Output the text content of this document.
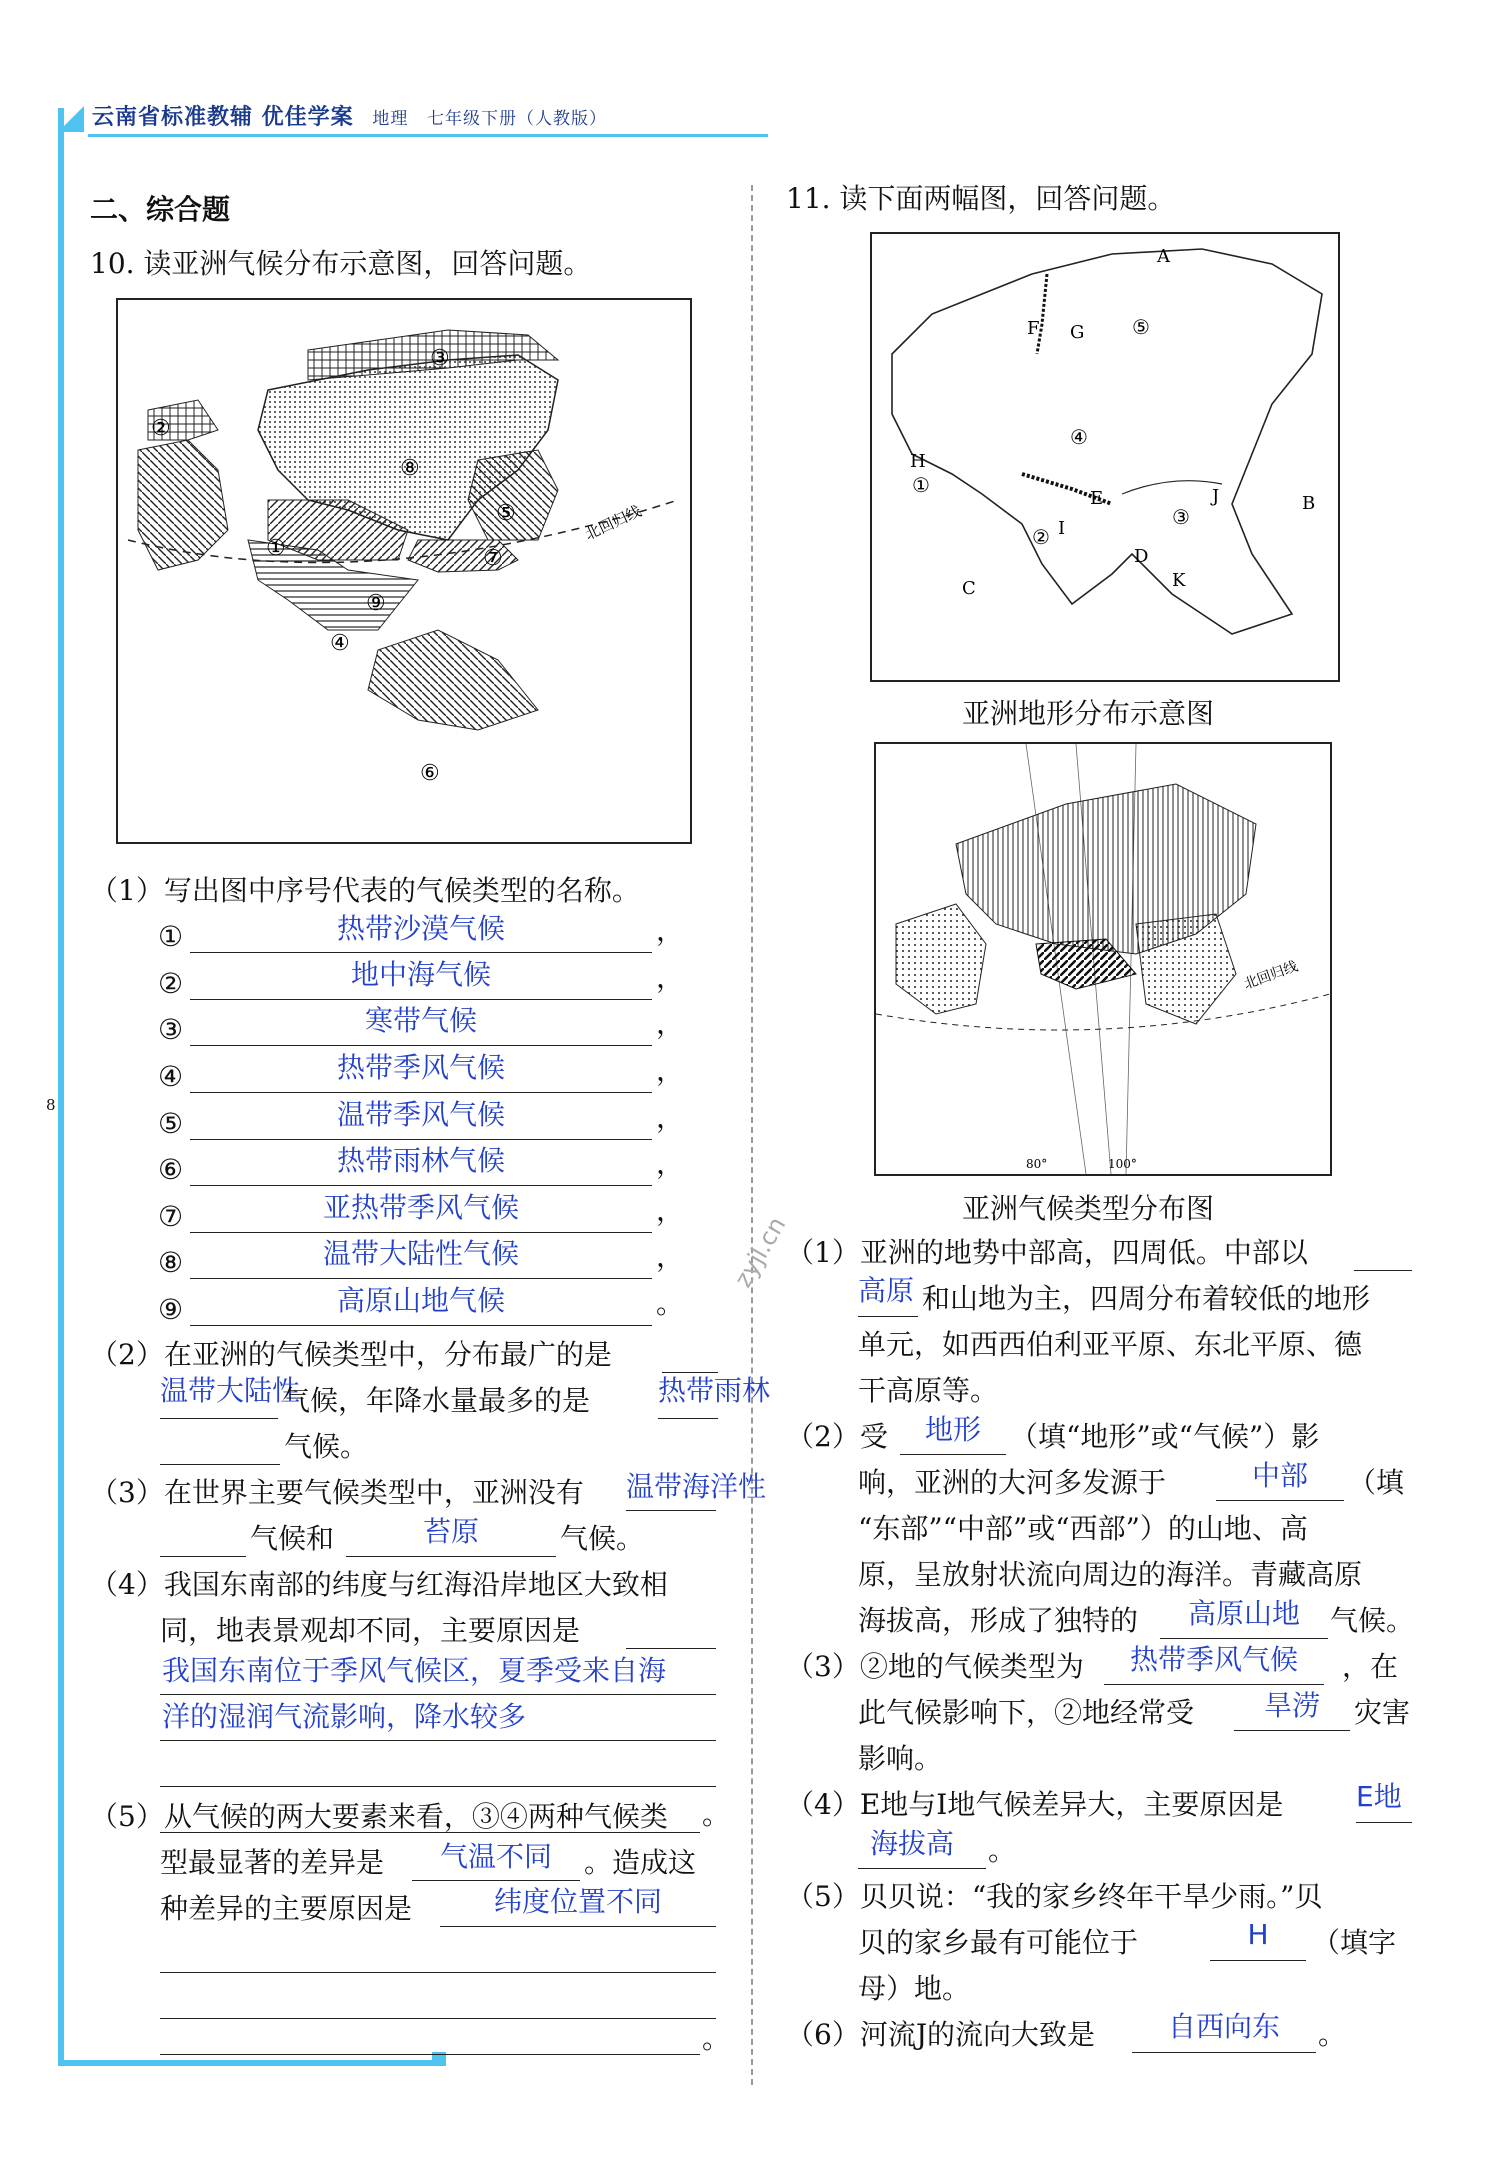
云南省标准教辅 优佳学案 地理 七年级下册（人教版）
8
二、综合题
10. 读亚洲气候分布示意图，回答问题。
①
②
③
④
⑤
⑥
⑦
⑧
⑨
北回归线
（1）写出图中序号代表的气候类型的名称。
①	热带沙漠气候	，
②	地中海气候	，
③	寒带气候	，
④	热带季风气候	，
⑤	温带季风气候	，
⑥	热带雨林气候	，
⑦	亚热带季风气候	，
⑧	温带大陆性气候	，
⑨	高原山地气候	。
（2）在亚洲的气候类型中，分布最广的是
温带大陆性
气候，年降水量最多的是 热带雨林
气候。
（3）在世界主要气候类型中，亚洲没有 温带海洋性
气候和	苔原	气候。
（4）我国东南部的纬度与红海沿岸地区大致相
同，地表景观却不同，主要原因是
我国东南位于季风气候区，夏季受来自海
洋的湿润气流影响，降水较多
。
（5）从气候的两大要素来看，③④两种气候类
型最显著的差异是	气温不同	。造成这
种差异的主要原因是	纬度位置不同
。
11. 读下面两幅图，回答问题。
A
B
C
D
E
F G
H
I
J
K
①
②
③
④
⑤
亚洲地形分布示意图
北回归线
80°	100°
亚洲气候类型分布图
（1）亚洲的地势中部高，四周低。中部以
高原 和山地为主，四周分布着较低的地形
单元，如西西伯利亚平原、东北平原、德
干高原等。
（2）受	地形	（填“地形”或“气候”）影
响，亚洲的大河多发源于	中部	（填
“东部”“中部”或“西部”）的山地、高
原，呈放射状流向周边的海洋。青藏高原
海拔高，形成了独特的	高原山地	气候。
（3）②地的气候类型为	热带季风气候	，在
此气候影响下，②地经常受	旱涝	灾害
影响。
（4）E地与I地气候差异大，主要原因是	E地
海拔高 。
（5）贝贝说：“我的家乡终年干旱少雨。”贝
贝的家乡最有可能位于	H	（填字
母）地。
（6）河流J的流向大致是	自西向东	。
zyjl.cn
